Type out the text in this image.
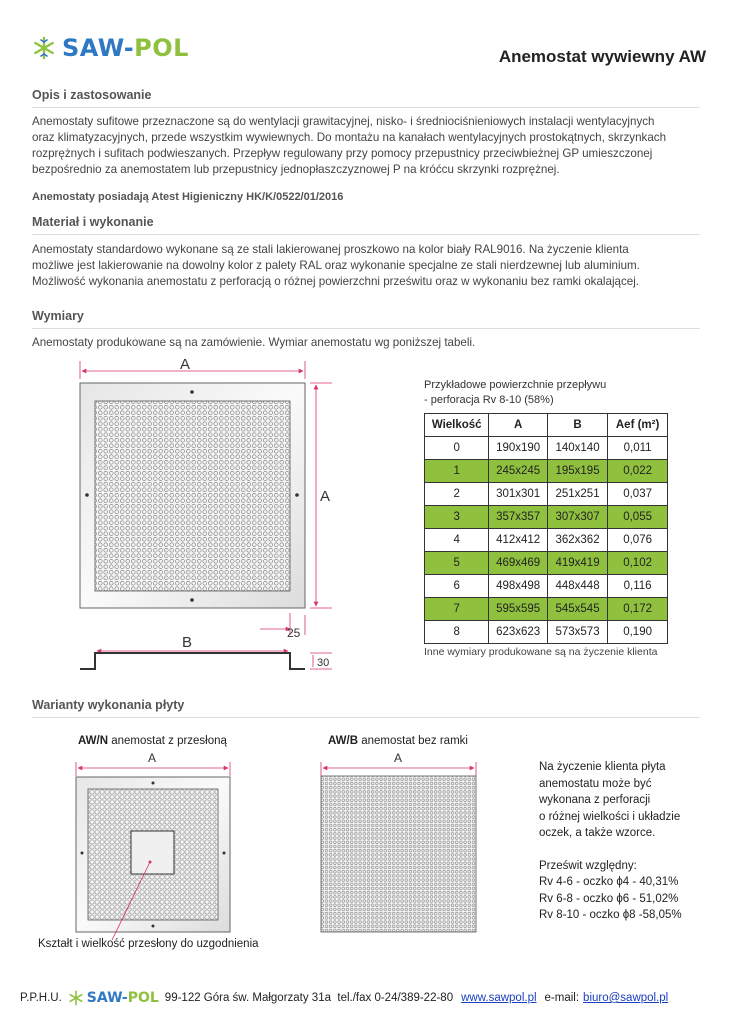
SAW-POL	Anemostat wywiewny AW
Opis i zastosowanie

Anemostaty sufitowe przeznaczone są do wentylacji grawitacyjnej, nisko- i średniociśnieniowych instalacji wentylacyjnych

oraz klimatyzacyjnych, przede wszystkim wywiewnych. Do montażu na kanałach wentylacyjnych prostokątnych, skrzynkach

rozprężnych i sufitach podwieszanych. Przepływ regulowany przy pomocy przepustnicy przeciwbieżnej GP umieszczonej

bezpośrednio za anemostatem lub przepustnicy jednopłaszczyznowej P na króćcu skrzynki rozprężnej.

Anemostaty posiadają Atest Higieniczny HK/K/0522/01/2016
Materiał i wykonanie

Anemostaty standardowo wykonane są ze stali lakierowanej proszkowo na kolor biały RAL9016. Na życzenie klienta

możliwe jest lakierowanie na dowolny kolor z palety RAL oraz wykonanie specjalne ze stali nierdzewnej lub aluminium.

Możliwość wykonania anemostatu z perforacją o różnej powierzchni prześwitu oraz w wykonaniu bez ramki okalającej.

Wymiary
Anemostaty produkowane są na zamówienie. Wymiar anemostatu wg poniższej tabeli.
A
A
B
25
30
Przykładowe powierzchnie przepływu
- perforacja Rv 8-10 (58%)
Wielkość	A	B	Aef (m²)
0	190x190	140x140	0,011
1	245x245	195x195	0,022
2	301x301	251x251	0,037
3	357x357	307x307	0,055
4	412x412	362x362	0,076
5	469x469	419x419	0,102
6	498x498	448x448	0,116
7	595x595	545x545	0,172
8	623x623	573x573	0,190
Inne wymiary produkowane są na życzenie klienta
Warianty wykonania płyty
AW/N anemostat z przesłoną	AW/B anemostat bez ramki
A
Kształt i wielkość przesłony do uzgodnienia
A
Na życzenie klienta płyta
anemostatu może być
wykonana z perforacji
o różnej wielkości i układzie
oczek, a także wzorce.
Prześwit względny:
Rv 4-6 - oczko ϕ4 - 40,31%
Rv 6-8 - oczko ϕ6 - 51,02%
Rv 8-10 - oczko ϕ8 -58,05%
P.P.H.U. SAW-POL 99-122 Góra św. Małgorzaty 31a  tel./fax 0-24/389-22-80 www.sawpol.pl e-mail: biuro@sawpol.pl
